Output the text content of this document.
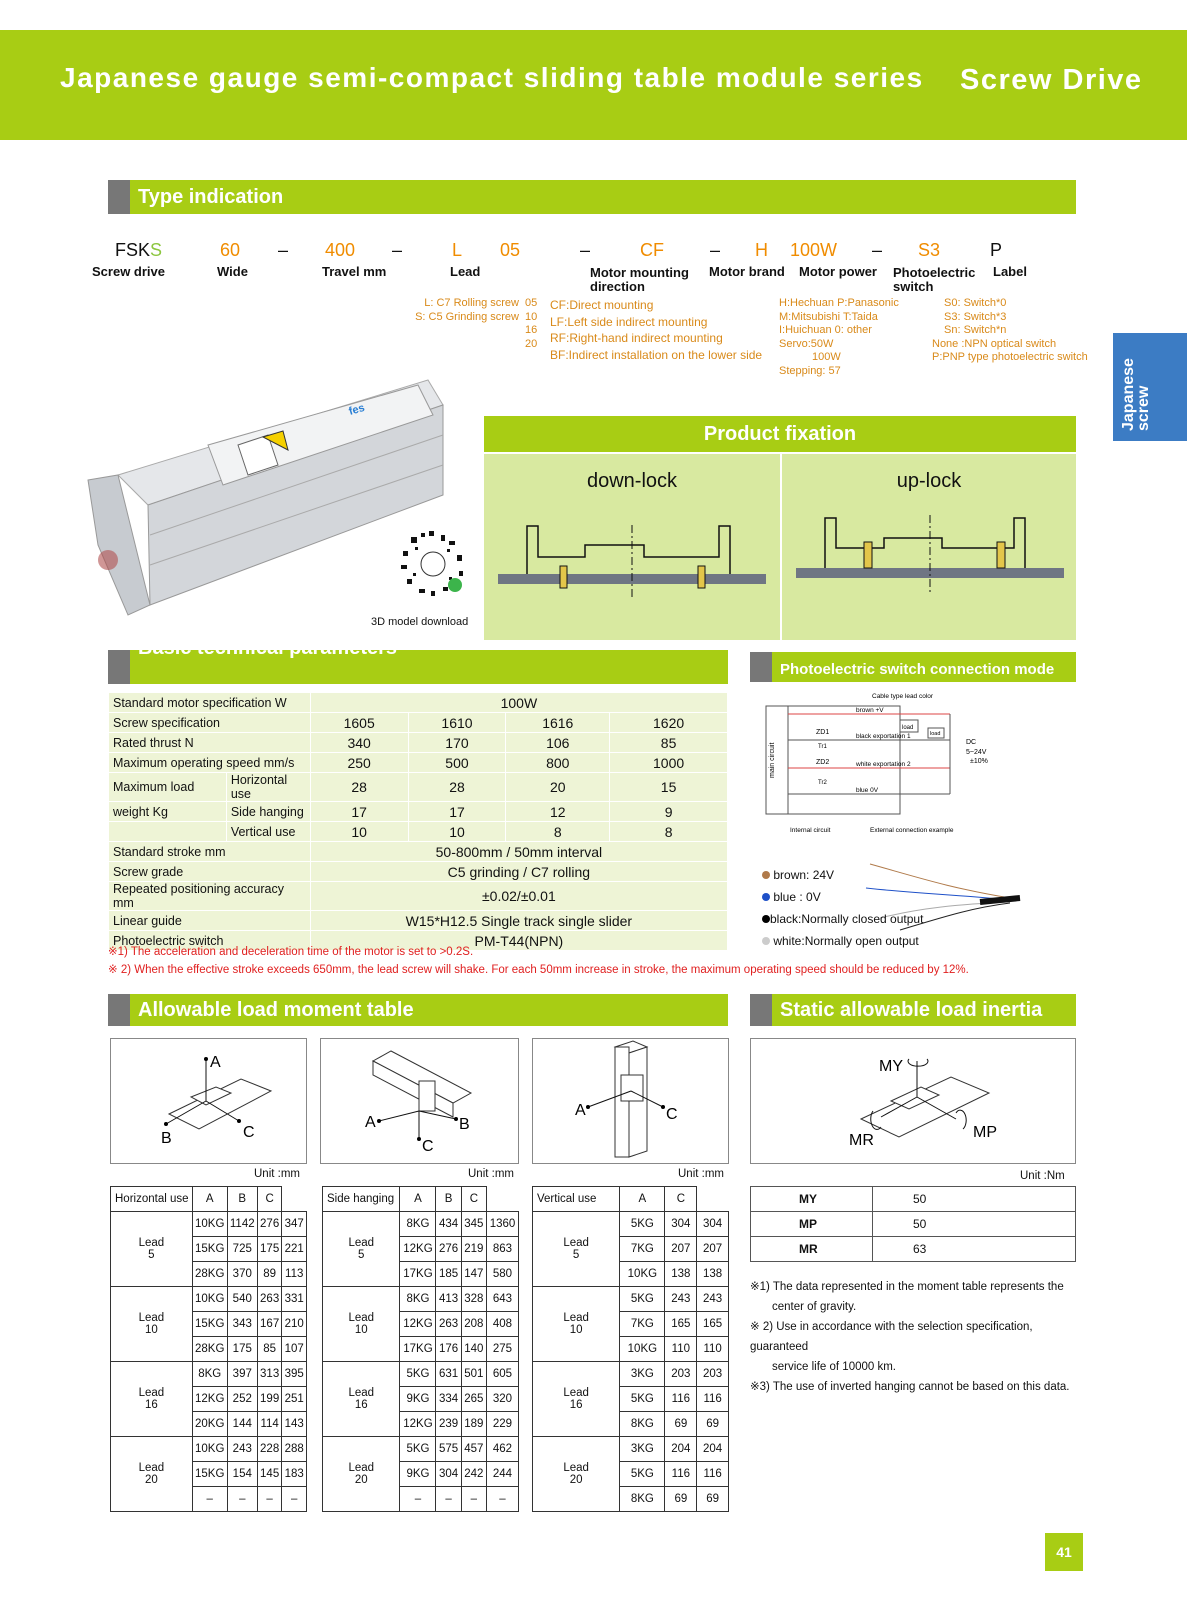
Japanese gauge semi-compact sliding table module series Screw Drive
Japanese
screw
Type indication
FSKS	60 – 400 –	L 05	–	CF	– H 100W – S3	P
Screw drive	Wide	Travel mm	Lead	Motor mounting direction
Motor brand Motor power Photoelectric switch
Label
L: C7 Rolling screw
S: C5 Grinding screw
05
10
16
20
CF:Direct mounting
LF:Left side indirect mounting
RF:Right-hand indirect mounting
BF:Indirect installation on the lower side
H:Hechuan P:Panasonic
M:Mitsubishi T:Taida
I:Huichuan 0: other
Servo:50W
100W
Stepping: 57
S0: Switch*0
S3: Switch*3
Sn: Switch*n
None :NPN optical switch
P:PNP type photoelectric switch
fes
3D model download
Product fixation
down-lock	up-lock
Basic technical parameters
Standard motor specification W		100W			
Screw specification		1605	1610	1616	1620
Rated thrust N		340	170	106	85
Maximum operating speed mm/s		250	500	800	1000
Maximum load	Horizontal use	28	28	20	15
weight Kg	Side hanging	17	17	12	9
	Vertical use	10	10	8	8
Standard stroke mm		50-800mm / 50mm interval			
Screw grade		C5 grinding / C7 rolling			
Repeated positioning accuracy mm		±0.02/±0.01			
Linear guide		W15*H12.5 Single track single slider			
Photoelectric switch		PM-T44(NPN)			
※1) The acceleration and deceleration time of the motor is set to >0.2S.
※ 2) When the effective stroke exceeds 650mm, the lead screw will shake. For each 50mm increase in stroke, the maximum operating speed should be reduced by 12%.
Photoelectric switch connection mode
main circuit
Cable type lead color
brown +V
ZD1
ZD2
Tr1
Tr2
black exportation 1
white exportation 2
blue 0V
load
load
DC
5~24V
±10%
Internal circuit	External connection example
brown: 24V
blue : 0V
black:Normally closed output
white:Normally open output
Allowable load moment table	Static allowable load inertia
A
B	C
A	B
C
A	C
MY
MR	MP
Unit :mm	Unit :mm	Unit :mm	Unit :Nm
Horizontal use	A	B	C	
Lead
5	10KG	1142	276	347
	15KG	725	175	221
	28KG	370	89	113
Lead
10	10KG	540	263	331
	15KG	343	167	210
	28KG	175	85	107
Lead
16	8KG	397	313	395
	12KG	252	199	251
	20KG	144	114	143
Lead
20	10KG	243	228	288
	15KG	154	145	183
	–	–	–	–
Side hanging	A	B	C	
Lead
5	8KG	434	345	1360
	12KG	276	219	863
	17KG	185	147	580
Lead
10	8KG	413	328	643
	12KG	263	208	408
	17KG	176	140	275
Lead
16	5KG	631	501	605
	9KG	334	265	320
	12KG	239	189	229
Lead
20	5KG	575	457	462
	9KG	304	242	244
	–	–	–	–
Vertical use	A	C	
Lead
5	5KG	304	304
	7KG	207	207
	10KG	138	138
Lead
10	5KG	243	243
	7KG	165	165
	10KG	110	110
Lead
16	3KG	203	203
	5KG	116	116
	8KG	69	69
Lead
20	3KG	204	204
	5KG	116	116
	8KG	69	69
MY	50
MP	50
MR	63
※1) The data represented in the moment table represents the
center of gravity.
※ 2) Use in accordance with the selection specification, guaranteed
service life of 10000 km.
※3) The use of inverted hanging cannot be based on this data.
41
